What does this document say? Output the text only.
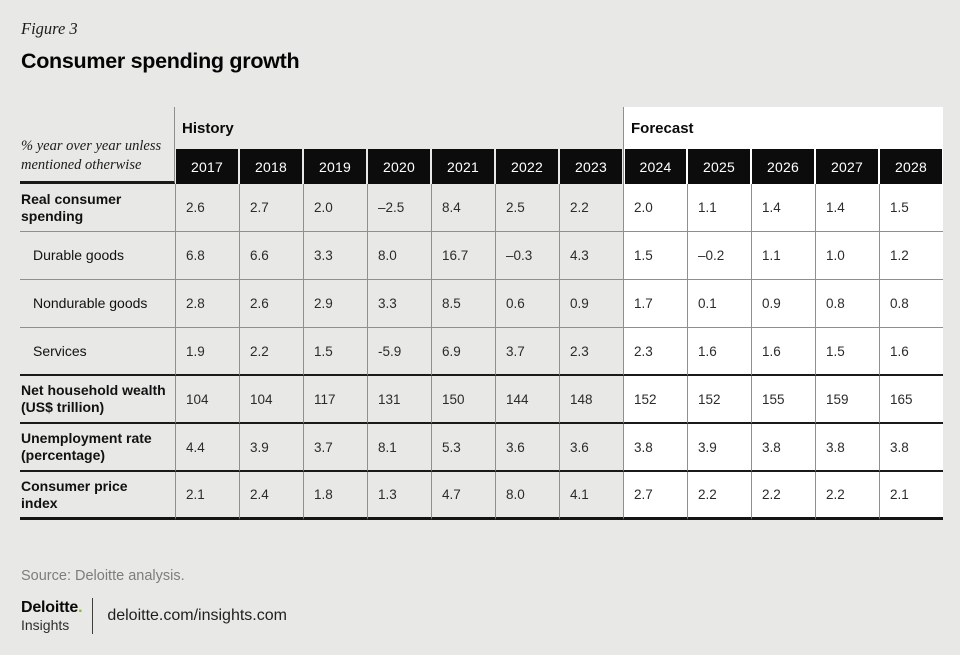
Figure 3
Consumer spending growth
% year over year unless mentioned otherwise
History	Forecast
2017	2018	2019	2020	2021	2022	2023	2024	2025	2026	2027	2028
Real consumer spending	2.6	2.7	2.0	–2.5	8.4	2.5	2.2	2.0	1.1	1.4	1.4	1.5
Durable goods	6.8	6.6	3.3	8.0	16.7	–0.3	4.3	1.5	–0.2	1.1	1.0	1.2
Nondurable goods	2.8	2.6	2.9	3.3	8.5	0.6	0.9	1.7	0.1	0.9	0.8	0.8
Services	1.9	2.2	1.5	-5.9	6.9	3.7	2.3	2.3	1.6	1.6	1.5	1.6
Net household wealth (US$ trillion)	104	104	117	131	150	144	148	152	152	155	159	165
Unemployment rate (percentage)	4.4	3.9	3.7	8.1	5.3	3.6	3.6	3.8	3.9	3.8	3.8	3.8
Consumer price index	2.1	2.4	1.8	1.3	4.7	8.0	4.1	2.7	2.2	2.2	2.2	2.1
Source: Deloitte analysis.
Deloitte.
Insights
deloitte.com/insights.com
